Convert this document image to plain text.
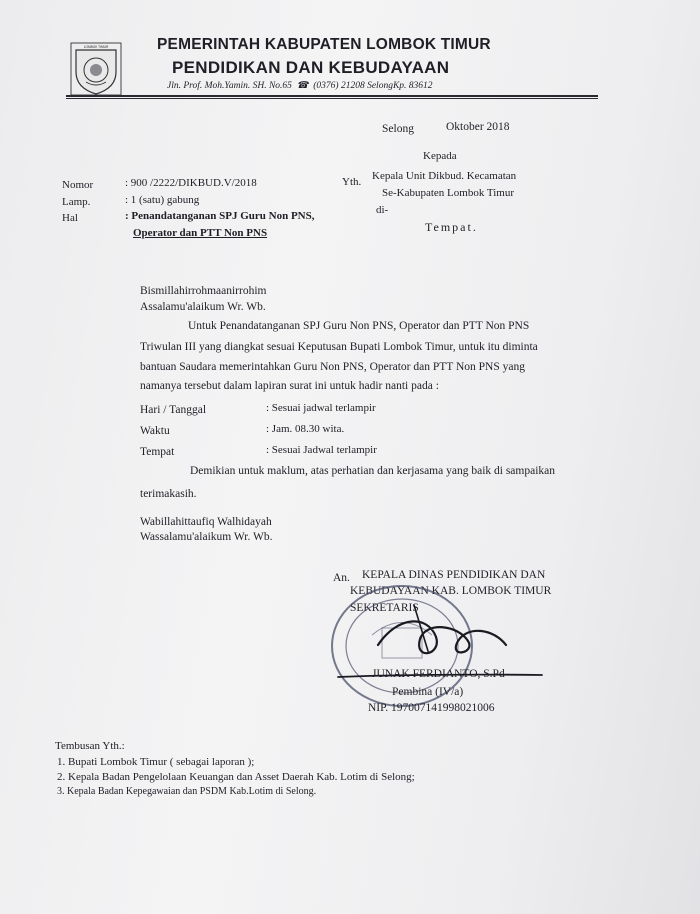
LOMBOK TIMUR	PEMERINTAH KABUPATEN LOMBOK TIMUR
PENDIDIKAN DAN KEBUDAYAAN
Jln. Prof. Moh.Yamin. SH. No.65  ☎  (0376) 21208 SelongKp. 83612
Selong	Oktober 2018
Kepada
Yth. Kepala Unit Dikbud. Kecamatan
Se-Kabupaten Lombok Timur
di-
Tempat.
Nomor	: 900 /2222/DIKBUD.V/2018
Lamp.	: 1 (satu) gabung
Hal	: Penandatanganan SPJ Guru Non PNS,
Operator dan PTT Non PNS
Bismillahirrohmaanirrohim
Assalamu'alaikum Wr. Wb.
Untuk Penandatanganan SPJ Guru Non PNS, Operator dan PTT Non PNS
Triwulan III yang diangkat sesuai Keputusan Bupati Lombok Timur, untuk itu diminta
bantuan Saudara memerintahkan Guru Non PNS, Operator dan PTT Non PNS yang
namanya tersebut dalam lapiran surat ini untuk hadir nanti pada :
Hari / Tanggal	: Sesuai jadwal terlampir
Waktu	: Jam. 08.30 wita.
Tempat	: Sesuai Jadwal terlampir
Demikian untuk maklum, atas perhatian dan kerjasama yang baik di sampaikan
terimakasih.
Wabillahittaufiq Walhidayah
Wassalamu'alaikum Wr. Wb.
An. KEPALA DINAS PENDIDIKAN DAN
KEBUDAYAAN KAB. LOMBOK TIMUR
SEKRETARIS
JUNAK FERDIANTO, S.Pd
Pembina (IV/a)
NIP. 197007141998021006
Tembusan Yth.:
1. Bupati Lombok Timur ( sebagai laporan );
2. Kepala Badan Pengelolaan Keuangan dan Asset Daerah Kab. Lotim di Selong;
3. Kepala Badan Kepegawaian dan PSDM Kab.Lotim di Selong.
